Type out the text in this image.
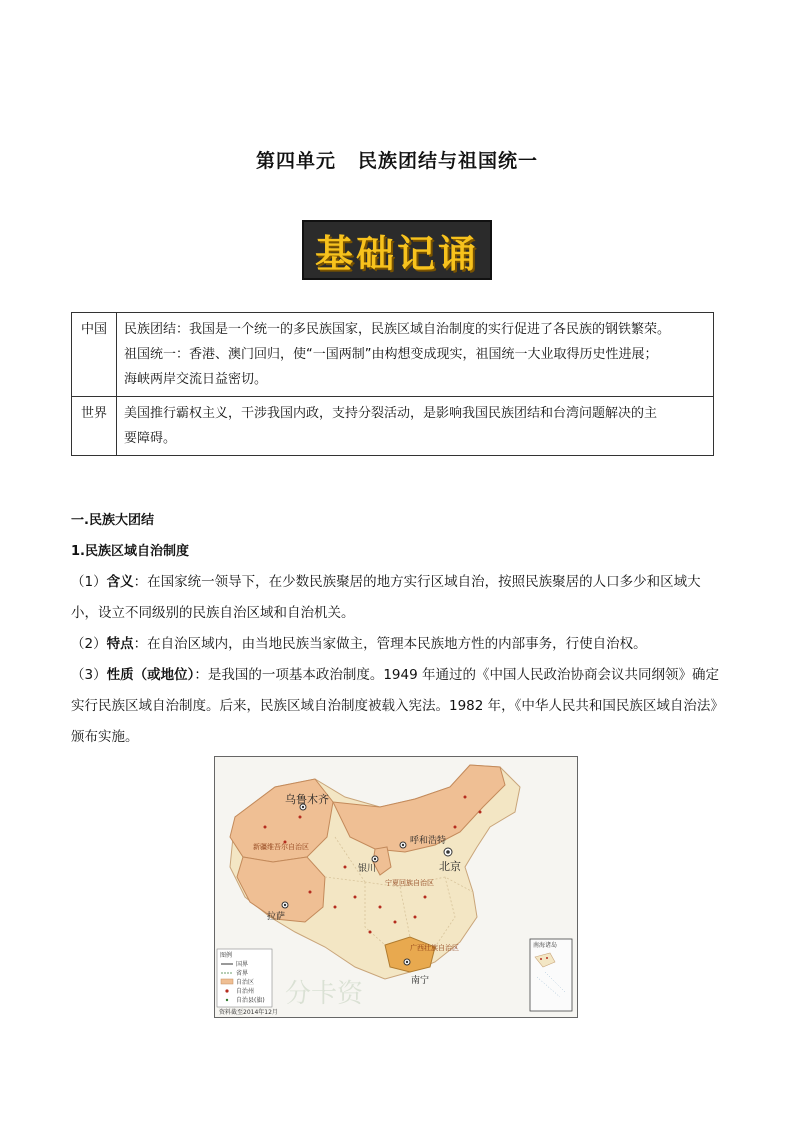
第四单元 民族团结与祖国统一
基础记诵
中国	民族团结：我国是一个统一的多民族国家，民族区域自治制度的实行促进了各民族的钢铁繁荣。
祖国统一：香港、澳门回归，使“一国两制”由构想变成现实，祖国统一大业取得历史性进展；
海峡两岸交流日益密切。

世界	美国推行霸权主义，干涉我国内政，支持分裂活动，是影响我国民族团结和台湾问题解决的主
要障碍。

一.民族大团结

1.民族区域自治制度

（1）含义：在国家统一领导下，在少数民族聚居的地方实行区域自治，按照民族聚居的人口多少和区域大小，设立不同级别的民族自治区域和自治机关。

（2）特点：在自治区域内，由当地民族当家做主，管理本民族地方性的内部事务，行使自治权。

（3）性质（或地位）：是我国的一项基本政治制度。1949 年通过的《中国人民政治协商会议共同纲领》确定实行民族区域自治制度。后来，民族区域自治制度被载入宪法。1982 年，《中华人民共和国民族区域自治法》颁布实施。

乌鲁木齐
新疆维吾尔自治区
呼和浩特
银川	北京
宁夏回族自治区
拉萨
广西壮族自治区
南宁
分卡资
南海诸岛
图例
国界
省界
自治区
自治州
自治县(旗)
资料截至2014年12月
